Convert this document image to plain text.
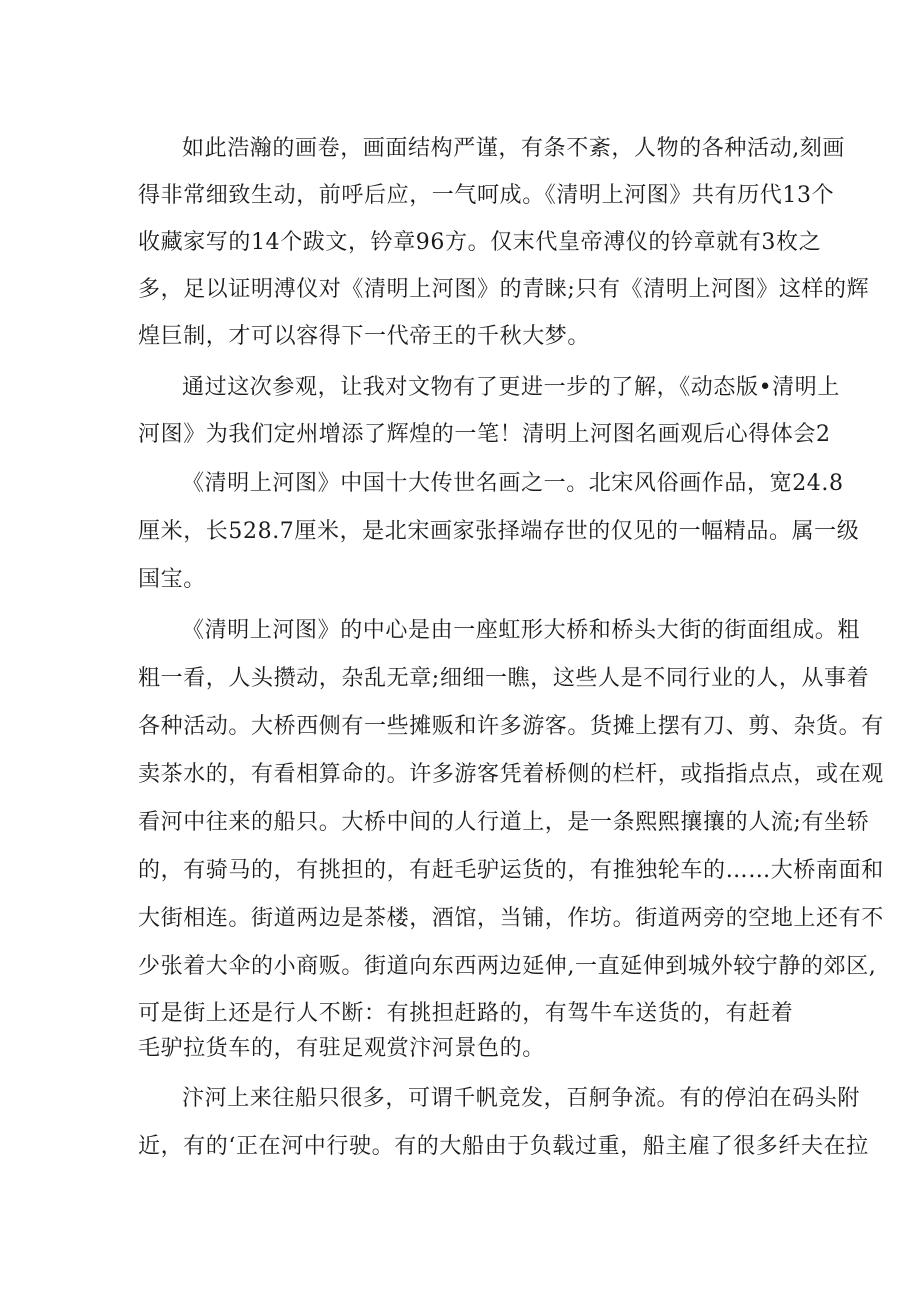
如此浩瀚的画卷，画面结构严谨，有条不紊，人物的各种活动,刻画
得非常细致生动，前呼后应，一气呵成。《清明上河图》共有历代13个
收藏家写的14个跋文，钤章96方。仅末代皇帝溥仪的钤章就有3枚之
多，足以证明溥仪对《清明上河图》的青睐;只有《清明上河图》这样的辉
煌巨制，才可以容得下一代帝王的千秋大梦。
通过这次参观，让我对文物有了更进一步的了解，《动态版•清明上
河图》为我们定州增添了辉煌的一笔！清明上河图名画观后心得体会2
《清明上河图》中国十大传世名画之一。北宋风俗画作品，宽24.8
厘米，长528.7厘米，是北宋画家张择端存世的仅见的一幅精品。属一级
国宝。
《清明上河图》的中心是由一座虹形大桥和桥头大街的街面组成。粗
粗一看，人头攒动，杂乱无章;细细一瞧，这些人是不同行业的人，从事着
各种活动。大桥西侧有一些摊贩和许多游客。货摊上摆有刀、剪、杂货。有
卖茶水的，有看相算命的。许多游客凭着桥侧的栏杆，或指指点点，或在观
看河中往来的船只。大桥中间的人行道上，是一条熙熙攘攘的人流;有坐轿
的，有骑马的，有挑担的，有赶毛驴运货的，有推独轮车的……大桥南面和
大街相连。街道两边是茶楼，酒馆，当铺，作坊。街道两旁的空地上还有不
少张着大伞的小商贩。街道向东西两边延伸,一直延伸到城外较宁静的郊区,
可是街上还是行人不断：有挑担赶路的，有驾牛车送货的，有赶着
毛驴拉货车的，有驻足观赏汴河景色的。
汴河上来往船只很多，可谓千帆竞发，百舸争流。有的停泊在码头附
近，有的‘正在河中行驶。有的大船由于负载过重，船主雇了很多纤夫在拉
